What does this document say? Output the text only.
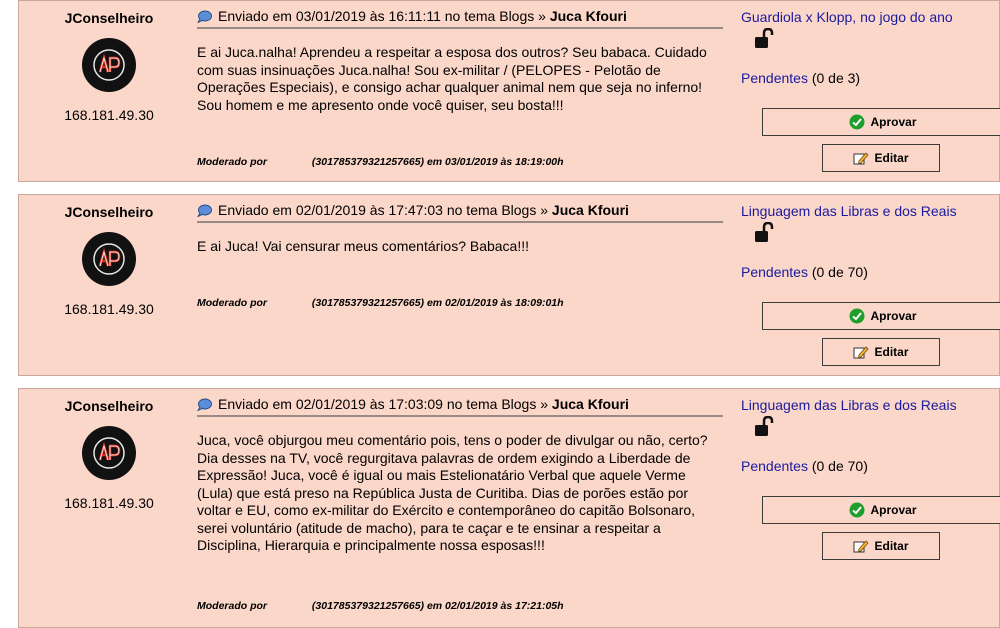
JConselheiro
168.181.49.30
Enviado em 03/01/2019 às 16:11:11 no tema Blogs »
Juca Kfouri
E ai Juca.nalha! Aprendeu a respeitar a esposa dos outros? Seu babaca. Cuidado com suas insinuações Juca.nalha! Sou ex-militar / (PELOPES - Pelotão de Operações Especiais), e consigo achar qualquer animal nem que seja no inferno! Sou homem e me apresento onde você quiser, seu bosta!!!
Moderado por	(301785379321257665) em 03/01/2019 às 18:19:00h
Guardiola x Klopp, no jogo do ano
Pendentes (0 de 3)
Aprovar
Editar
JConselheiro
168.181.49.30
Enviado em 02/01/2019 às 17:47:03 no tema Blogs »
Juca Kfouri
E ai Juca! Vai censurar meus comentários? Babaca!!!
Moderado por	(301785379321257665) em 02/01/2019 às 18:09:01h
Linguagem das Libras e dos Reais
Pendentes (0 de 70)
Aprovar
Editar
JConselheiro
168.181.49.30
Enviado em 02/01/2019 às 17:03:09 no tema Blogs »
Juca Kfouri
Juca, você objurgou meu comentário pois, tens o poder de divulgar ou não, certo? Dia desses na TV, você regurgitava palavras de ordem exigindo a Liberdade de Expressão! Juca, você é igual ou mais Estelionatário Verbal que aquele Verme (Lula) que está preso na República Justa de Curitiba. Dias de porões estão por voltar e EU, como ex-militar do Exército e contemporâneo do capitão Bolsonaro, serei voluntário (atitude de macho), para te caçar e te ensinar a respeitar a Disciplina, Hierarquia e principalmente nossa esposas!!!
Moderado por	(301785379321257665) em 02/01/2019 às 17:21:05h
Linguagem das Libras e dos Reais
Pendentes (0 de 70)
Aprovar
Editar
